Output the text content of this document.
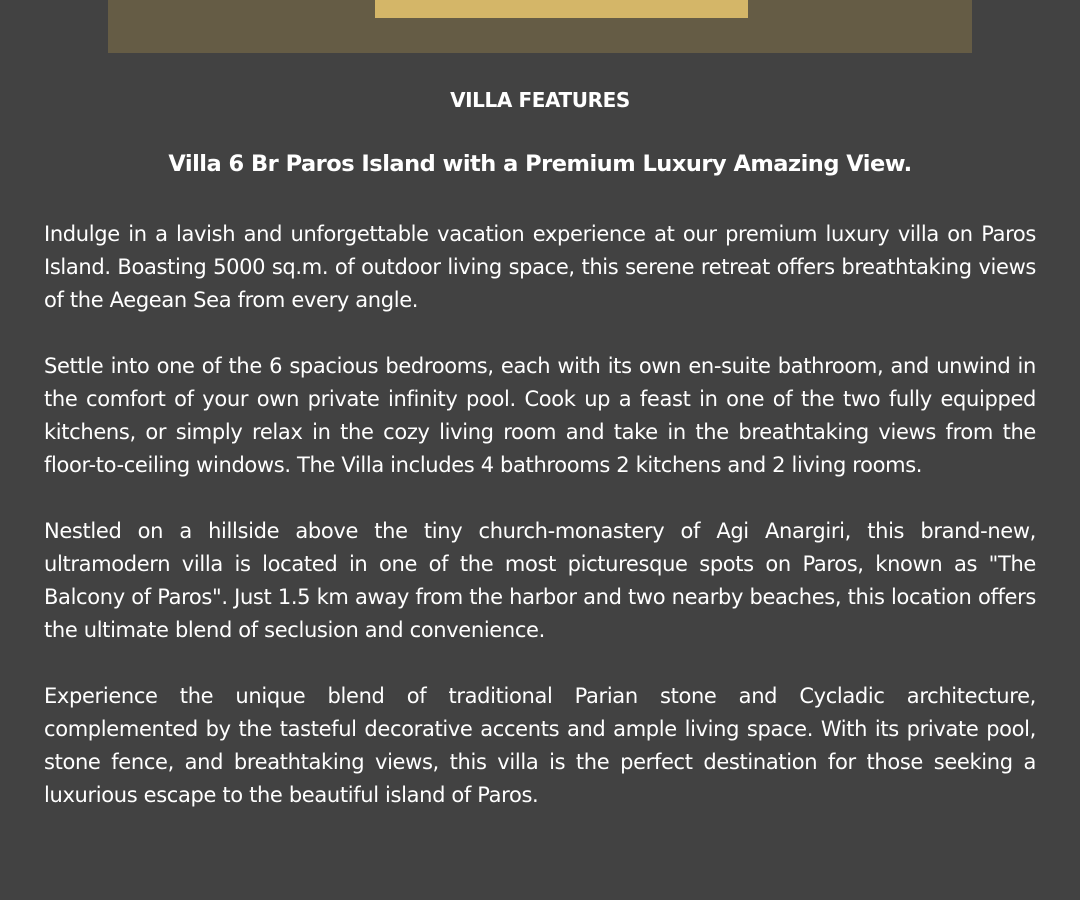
VILLA FEATURES
Villa 6 Br Paros Island with a Premium Luxury Amazing View.

Indulge in a lavish and unforgettable vacation experience at our premium luxury villa on Paros Island. Boasting 5000 sq.m. of outdoor living space, this serene retreat offers breathtaking views of the Aegean Sea from every angle.

Settle into one of the 6 spacious bedrooms, each with its own en-suite bathroom, and unwind in the comfort of your own private infinity pool. Cook up a feast in one of the two fully equipped kitchens, or simply relax in the cozy living room and take in the breathtaking views from the floor-to-ceiling windows. The Villa includes 4 bathrooms 2 kitchens and 2 living rooms.

Nestled on a hillside above the tiny church-monastery of Agi Anargiri, this brand-new, ultramodern villa is located in one of the most picturesque spots on Paros, known as "The Balcony of Paros". Just 1.5 km away from the harbor and two nearby beaches, this location offers the ultimate blend of seclusion and convenience.

Experience the unique blend of traditional Parian stone and Cycladic architecture, complemented by the tasteful decorative accents and ample living space. With its private pool, stone fence, and breathtaking views, this villa is the perfect destination for those seeking a luxurious escape to the beautiful island of Paros.
